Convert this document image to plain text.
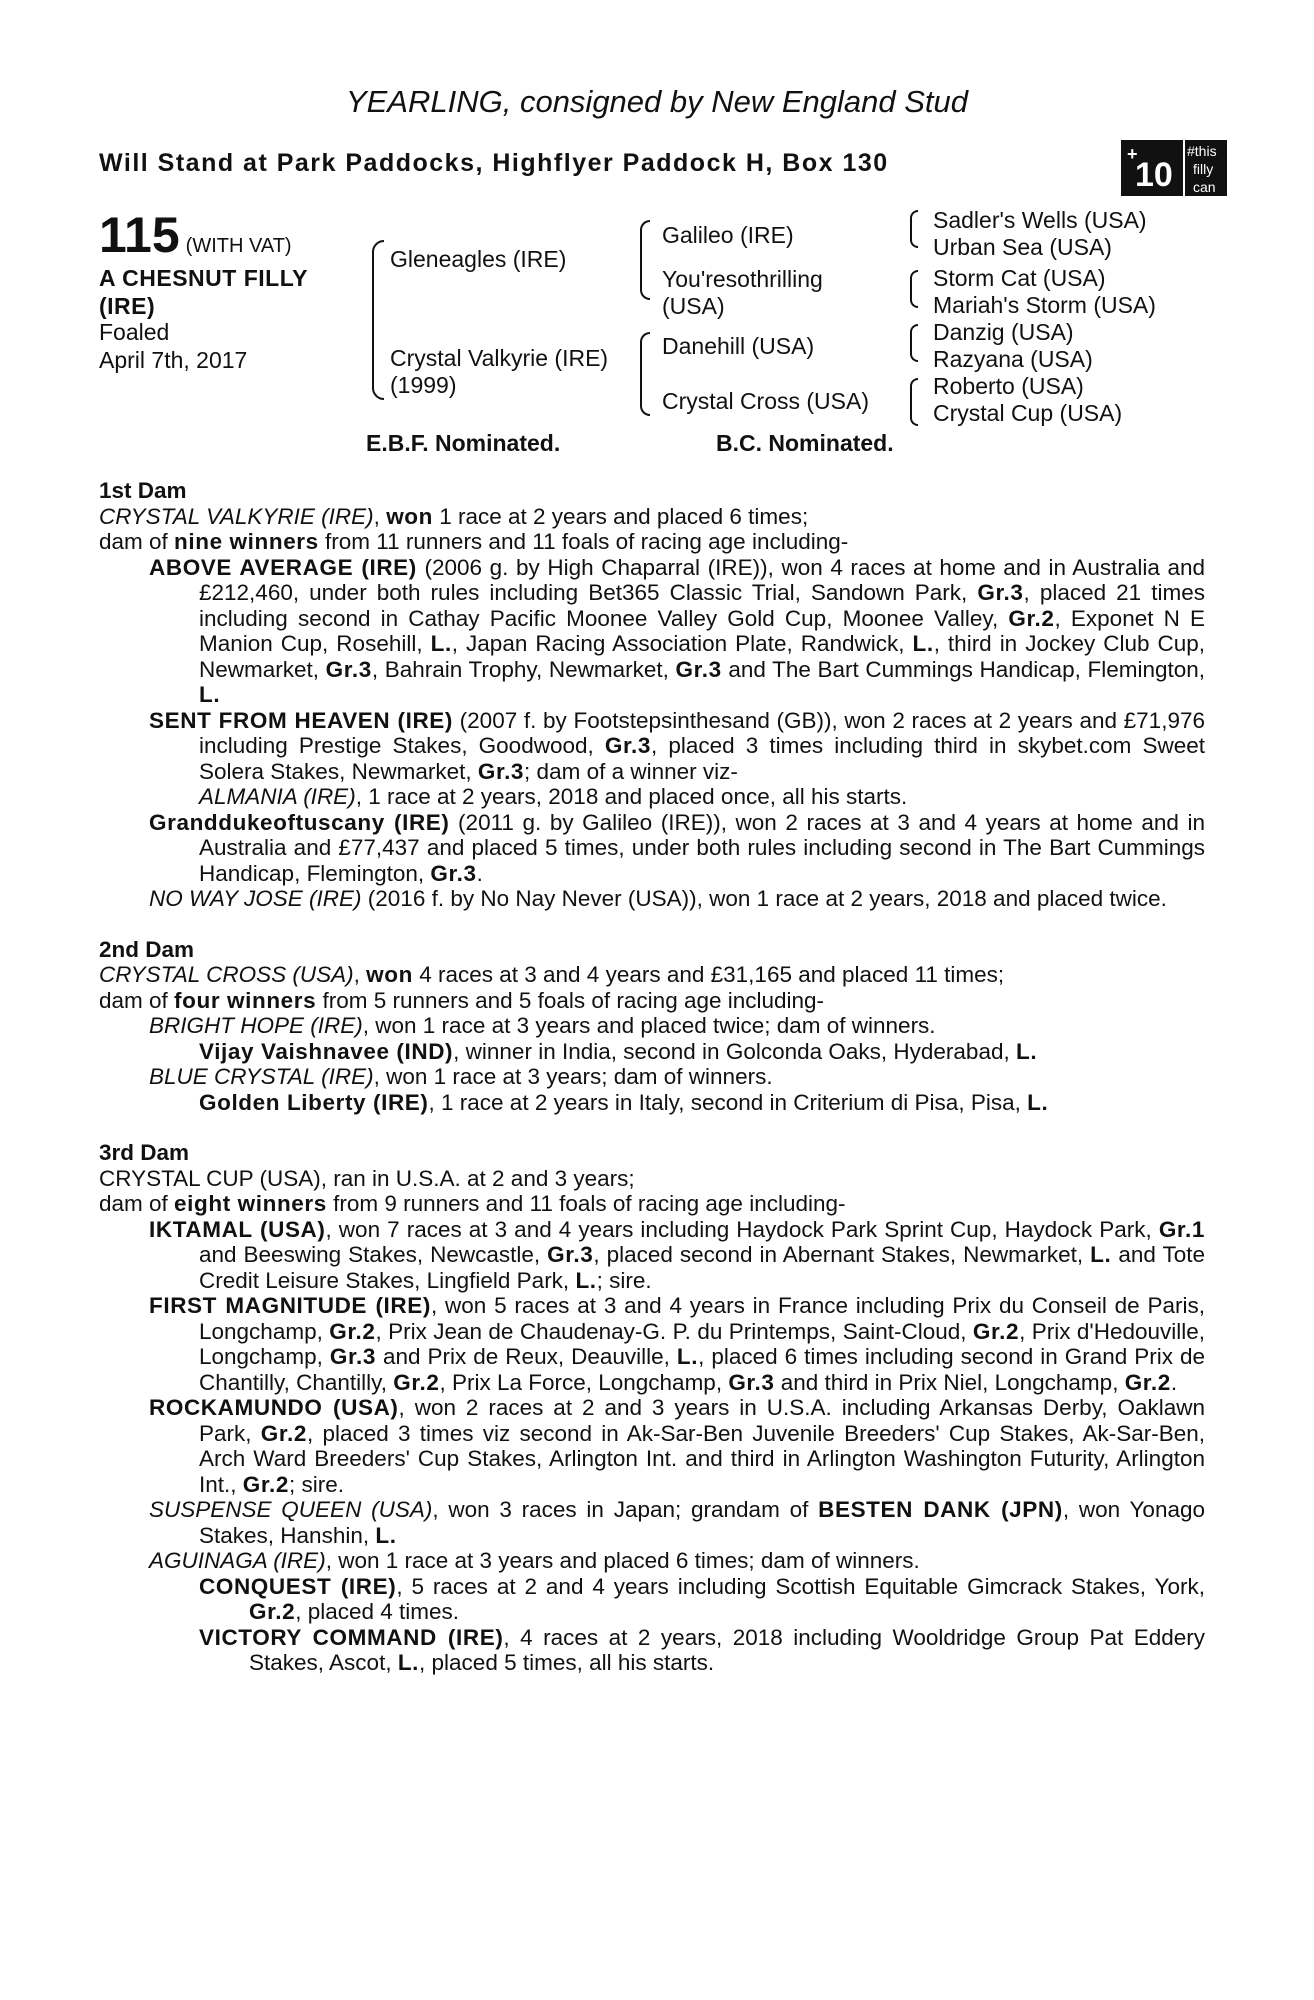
YEARLING, consigned by New England Stud
Will Stand at Park Paddocks, Highflyer Paddock H, Box 130	+
10
#this
filly
can
115 (WITH VAT)
A CHESNUT FILLY (IRE)
Foaled
April 7th, 2017
Gleneagles (IRE)
Crystal Valkyrie (IRE)
(1999)
Galileo (IRE)
You'resothrilling
(USA)
Danehill (USA)
Crystal Cross (USA)
Sadler's Wells (USA)
Urban Sea (USA)
Storm Cat (USA)
Mariah's Storm (USA)
Danzig (USA)
Razyana (USA)
Roberto (USA)
Crystal Cup (USA)
E.B.F. Nominated.	B.C. Nominated.
1st Dam

CRYSTAL VALKYRIE (IRE), won 1 race at 2 years and placed 6 times;

dam of nine winners from 11 runners and 11 foals of racing age including-

ABOVE AVERAGE (IRE) (2006 g. by High Chaparral (IRE)), won 4 races at home and in Australia and £212,460, under both rules including Bet365 Classic Trial, Sandown Park, Gr.3, placed 21 times including second in Cathay Pacific Moonee Valley Gold Cup, Moonee Valley, Gr.2, Exponet N E Manion Cup, Rosehill, L., Japan Racing Association Plate, Randwick, L., third in Jockey Club Cup, Newmarket, Gr.3, Bahrain Trophy, Newmarket, Gr.3 and The Bart Cummings Handicap, Flemington, L.

SENT FROM HEAVEN (IRE) (2007 f. by Footstepsinthesand (GB)), won 2 races at 2 years and £71,976 including Prestige Stakes, Goodwood, Gr.3, placed 3 times including third in skybet.com Sweet Solera Stakes, Newmarket, Gr.3; dam of a winner viz-
ALMANIA (IRE), 1 race at 2 years, 2018 and placed once, all his starts.

Granddukeoftuscany (IRE) (2011 g. by Galileo (IRE)), won 2 races at 3 and 4 years at home and in Australia and £77,437 and placed 5 times, under both rules including second in The Bart Cummings Handicap, Flemington, Gr.3.

NO WAY JOSE (IRE) (2016 f. by No Nay Never (USA)), won 1 race at 2 years, 2018 and placed twice.

2nd Dam

CRYSTAL CROSS (USA), won 4 races at 3 and 4 years and £31,165 and placed 11 times;

dam of four winners from 5 runners and 5 foals of racing age including-

BRIGHT HOPE (IRE), won 1 race at 3 years and placed twice; dam of winners.

Vijay Vaishnavee (IND), winner in India, second in Golconda Oaks, Hyderabad, L.

BLUE CRYSTAL (IRE), won 1 race at 3 years; dam of winners.

Golden Liberty (IRE), 1 race at 2 years in Italy, second in Criterium di Pisa, Pisa, L.

3rd Dam

CRYSTAL CUP (USA), ran in U.S.A. at 2 and 3 years;

dam of eight winners from 9 runners and 11 foals of racing age including-

IKTAMAL (USA), won 7 races at 3 and 4 years including Haydock Park Sprint Cup, Haydock Park, Gr.1 and Beeswing Stakes, Newcastle, Gr.3, placed second in Abernant Stakes, Newmarket, L. and Tote Credit Leisure Stakes, Lingfield Park, L.; sire.

FIRST MAGNITUDE (IRE), won 5 races at 3 and 4 years in France including Prix du Conseil de Paris, Longchamp, Gr.2, Prix Jean de Chaudenay-G. P. du Printemps, Saint-Cloud, Gr.2, Prix d'Hedouville, Longchamp, Gr.3 and Prix de Reux, Deauville, L., placed 6 times including second in Grand Prix de Chantilly, Chantilly, Gr.2, Prix La Force, Longchamp, Gr.3 and third in Prix Niel, Longchamp, Gr.2.

ROCKAMUNDO (USA), won 2 races at 2 and 3 years in U.S.A. including Arkansas Derby, Oaklawn Park, Gr.2, placed 3 times viz second in Ak-Sar-Ben Juvenile Breeders' Cup Stakes, Ak-Sar-Ben, Arch Ward Breeders' Cup Stakes, Arlington Int. and third in Arlington Washington Futurity, Arlington Int., Gr.2; sire.

SUSPENSE QUEEN (USA), won 3 races in Japan; grandam of BESTEN DANK (JPN), won Yonago Stakes, Hanshin, L.

AGUINAGA (IRE), won 1 race at 3 years and placed 6 times; dam of winners.

CONQUEST (IRE), 5 races at 2 and 4 years including Scottish Equitable Gimcrack Stakes, York, Gr.2, placed 4 times.

VICTORY COMMAND (IRE), 4 races at 2 years, 2018 including Wooldridge Group Pat Eddery Stakes, Ascot, L., placed 5 times, all his starts.
